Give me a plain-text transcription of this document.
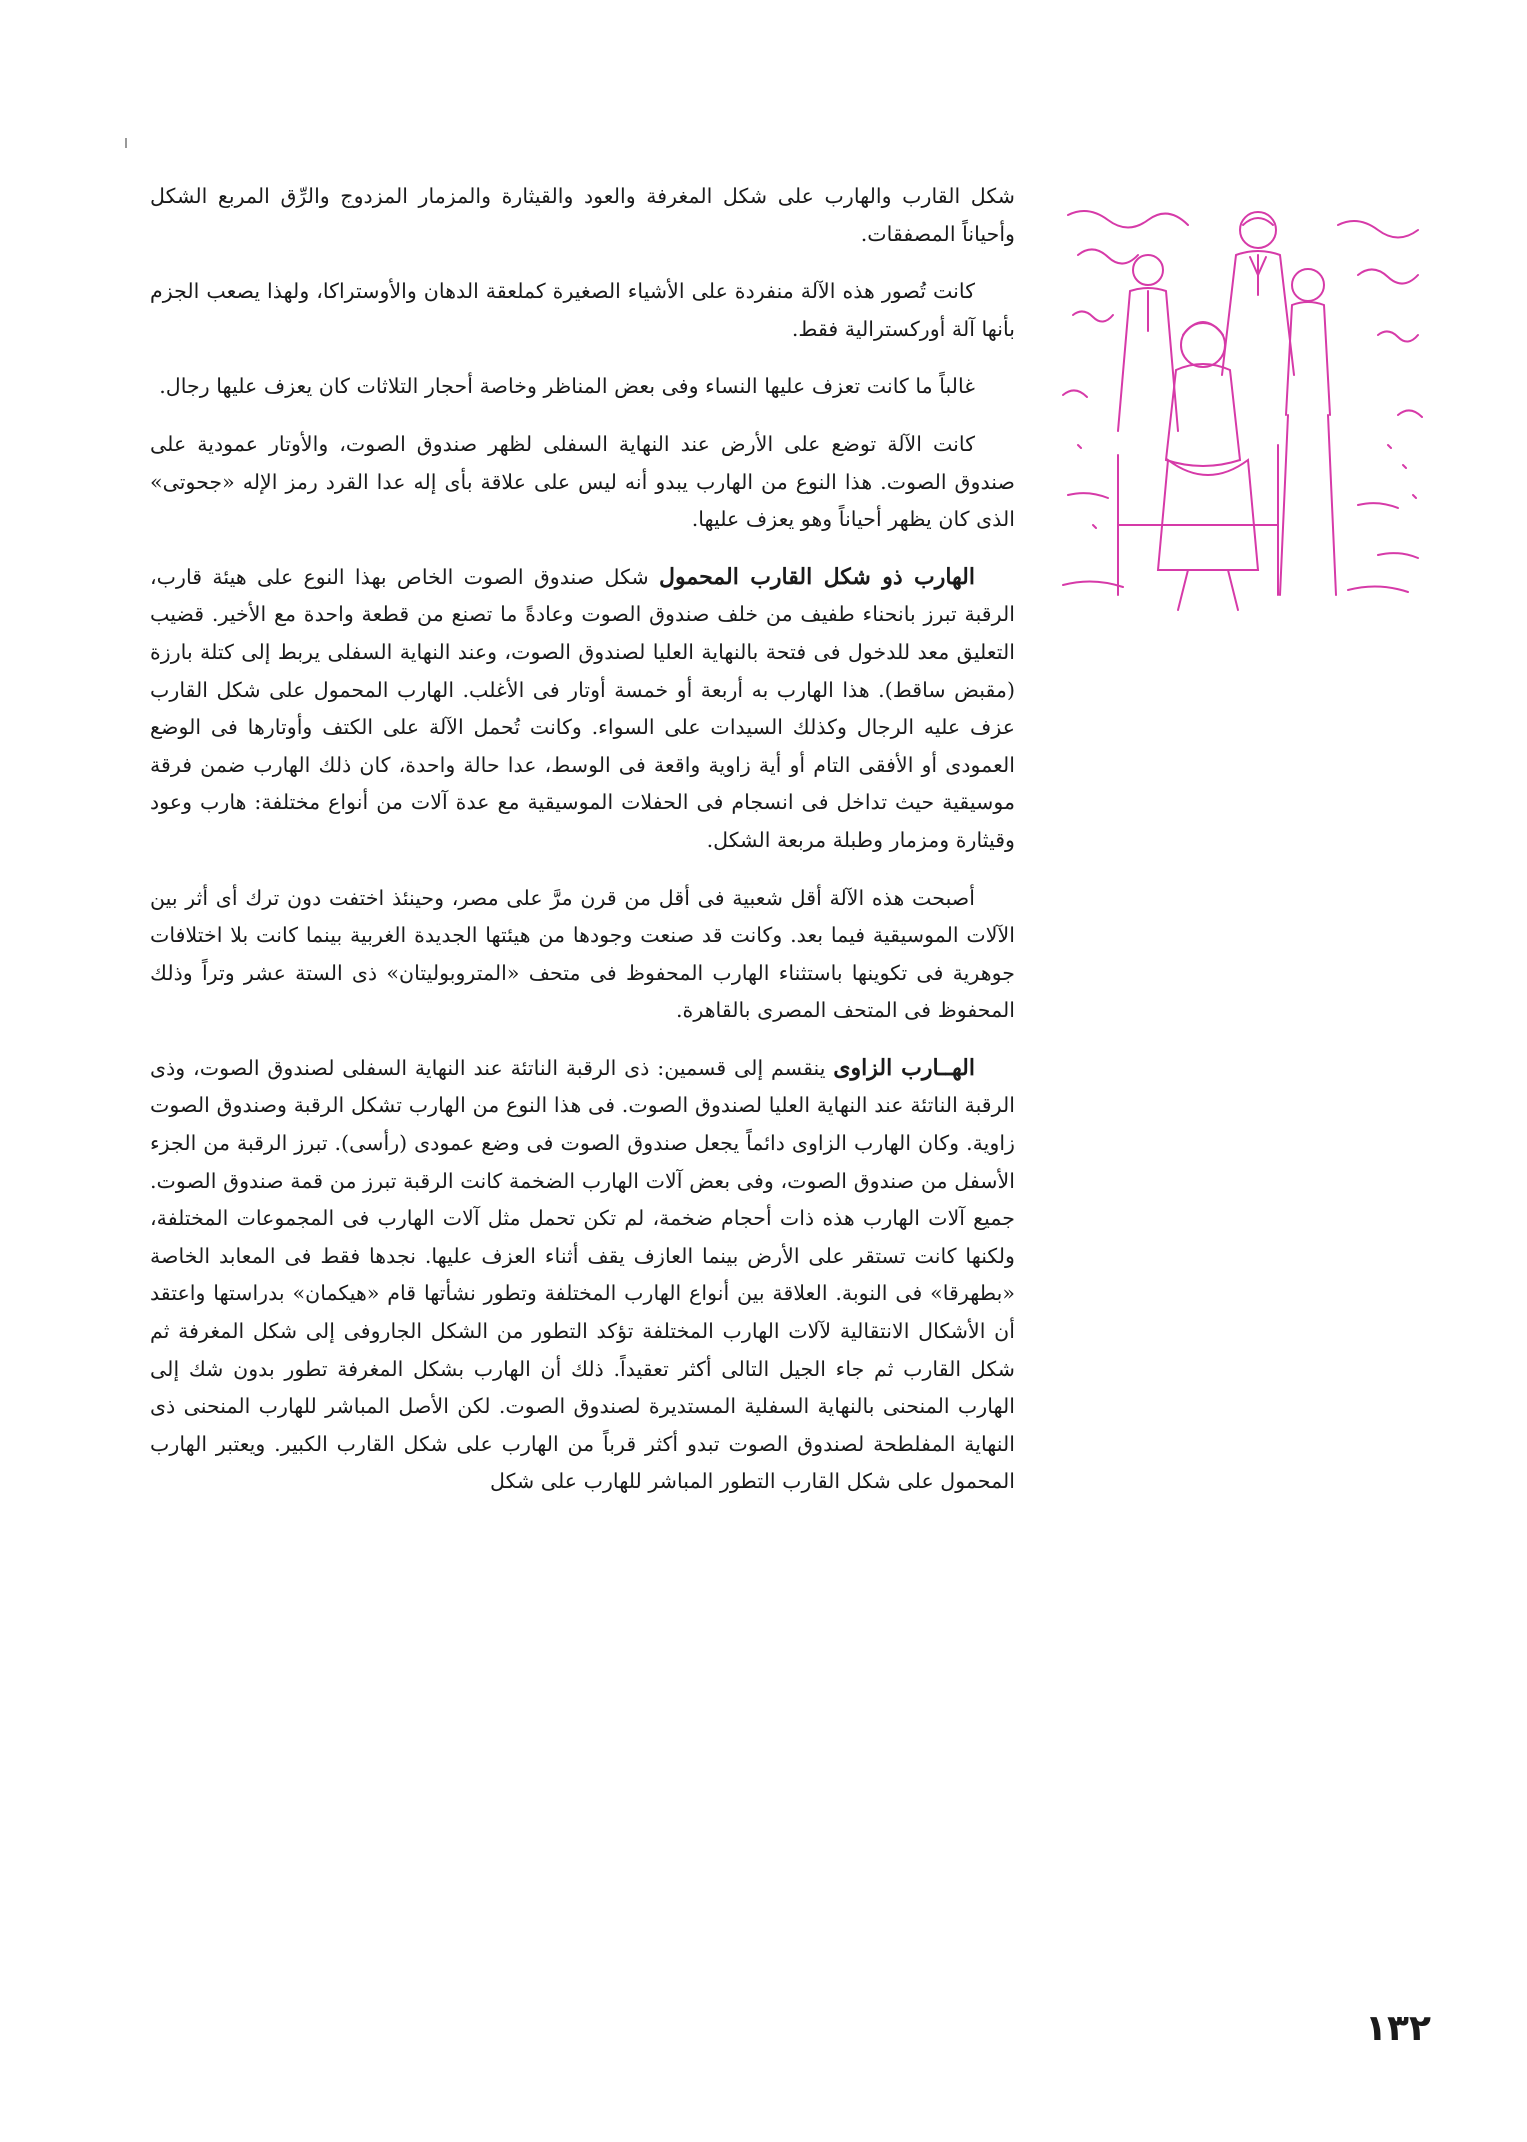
شكل القارب والهارب على شكل المغرفة والعود والقيثارة والمزمار المزدوج والرِّق المربع الشكل وأحياناً المصفقات.

كانت تُصور هذه الآلة منفردة على الأشياء الصغيرة كملعقة الدهان والأوستراكا، ولهذا يصعب الجزم بأنها آلة أوركسترالية فقط.

غالباً ما كانت تعزف عليها النساء وفى بعض المناظر وخاصة أحجار التلاثات كان يعزف عليها رجال.

كانت الآلة توضع على الأرض عند النهاية السفلى لظهر صندوق الصوت، والأوتار عمودية على صندوق الصوت. هذا النوع من الهارب يبدو أنه ليس على علاقة بأى إله عدا القرد رمز الإله «جحوتى» الذى كان يظهر أحياناً وهو يعزف عليها.

الهارب ذو شكل القارب المحمول شكل صندوق الصوت الخاص بهذا النوع على هيئة قارب، الرقبة تبرز بانحناء طفيف من خلف صندوق الصوت وعادةً ما تصنع من قطعة واحدة مع الأخير. قضيب التعليق معد للدخول فى فتحة بالنهاية العليا لصندوق الصوت، وعند النهاية السفلى يربط إلى كتلة بارزة (مقبض ساقط). هذا الهارب به أربعة أو خمسة أوتار فى الأغلب. الهارب المحمول على شكل القارب عزف عليه الرجال وكذلك السيدات على السواء. وكانت تُحمل الآلة على الكتف وأوتارها فى الوضع العمودى أو الأفقى التام أو أية زاوية واقعة فى الوسط، عدا حالة واحدة، كان ذلك الهارب ضمن فرقة موسيقية حيث تداخل فى انسجام فى الحفلات الموسيقية مع عدة آلات من أنواع مختلفة: هارب وعود وقيثارة ومزمار وطبلة مربعة الشكل.

أصبحت هذه الآلة أقل شعبية فى أقل من قرن مرَّ على مصر، وحينئذ اختفت دون ترك أى أثر بين الآلات الموسيقية فيما بعد. وكانت قد صنعت وجودها من هيئتها الجديدة الغربية بينما كانت بلا اختلافات جوهرية فى تكوينها باستثناء الهارب المحفوظ فى متحف «المتروبوليتان» ذى الستة عشر وتراً وذلك المحفوظ فى المتحف المصرى بالقاهرة.

الهــارب الزاوى ينقسم إلى قسمين: ذى الرقبة الناتئة عند النهاية السفلى لصندوق الصوت، وذى الرقبة الناتئة عند النهاية العليا لصندوق الصوت. فى هذا النوع من الهارب تشكل الرقبة وصندوق الصوت زاوية. وكان الهارب الزاوى دائماً يجعل صندوق الصوت فى وضع عمودى (رأسى). تبرز الرقبة من الجزء الأسفل من صندوق الصوت، وفى بعض آلات الهارب الضخمة كانت الرقبة تبرز من قمة صندوق الصوت. جميع آلات الهارب هذه ذات أحجام ضخمة، لم تكن تحمل مثل آلات الهارب فى المجموعات المختلفة، ولكنها كانت تستقر على الأرض بينما العازف يقف أثناء العزف عليها. نجدها فقط فى المعابد الخاصة «بطهرقا» فى النوبة. العلاقة بين أنواع الهارب المختلفة وتطور نشأتها قام «هيكمان» بدراستها واعتقد أن الأشكال الانتقالية لآلات الهارب المختلفة تؤكد التطور من الشكل الجاروفى إلى شكل المغرفة ثم شكل القارب ثم جاء الجيل التالى أكثر تعقيداً. ذلك أن الهارب بشكل المغرفة تطور بدون شك إلى الهارب المنحنى بالنهاية السفلية المستديرة لصندوق الصوت. لكن الأصل المباشر للهارب المنحنى ذى النهاية المفلطحة لصندوق الصوت تبدو أكثر قرباً من الهارب على شكل القارب الكبير. ويعتبر الهارب المحمول على شكل القارب التطور المباشر للهارب على شكل

١٣٢
